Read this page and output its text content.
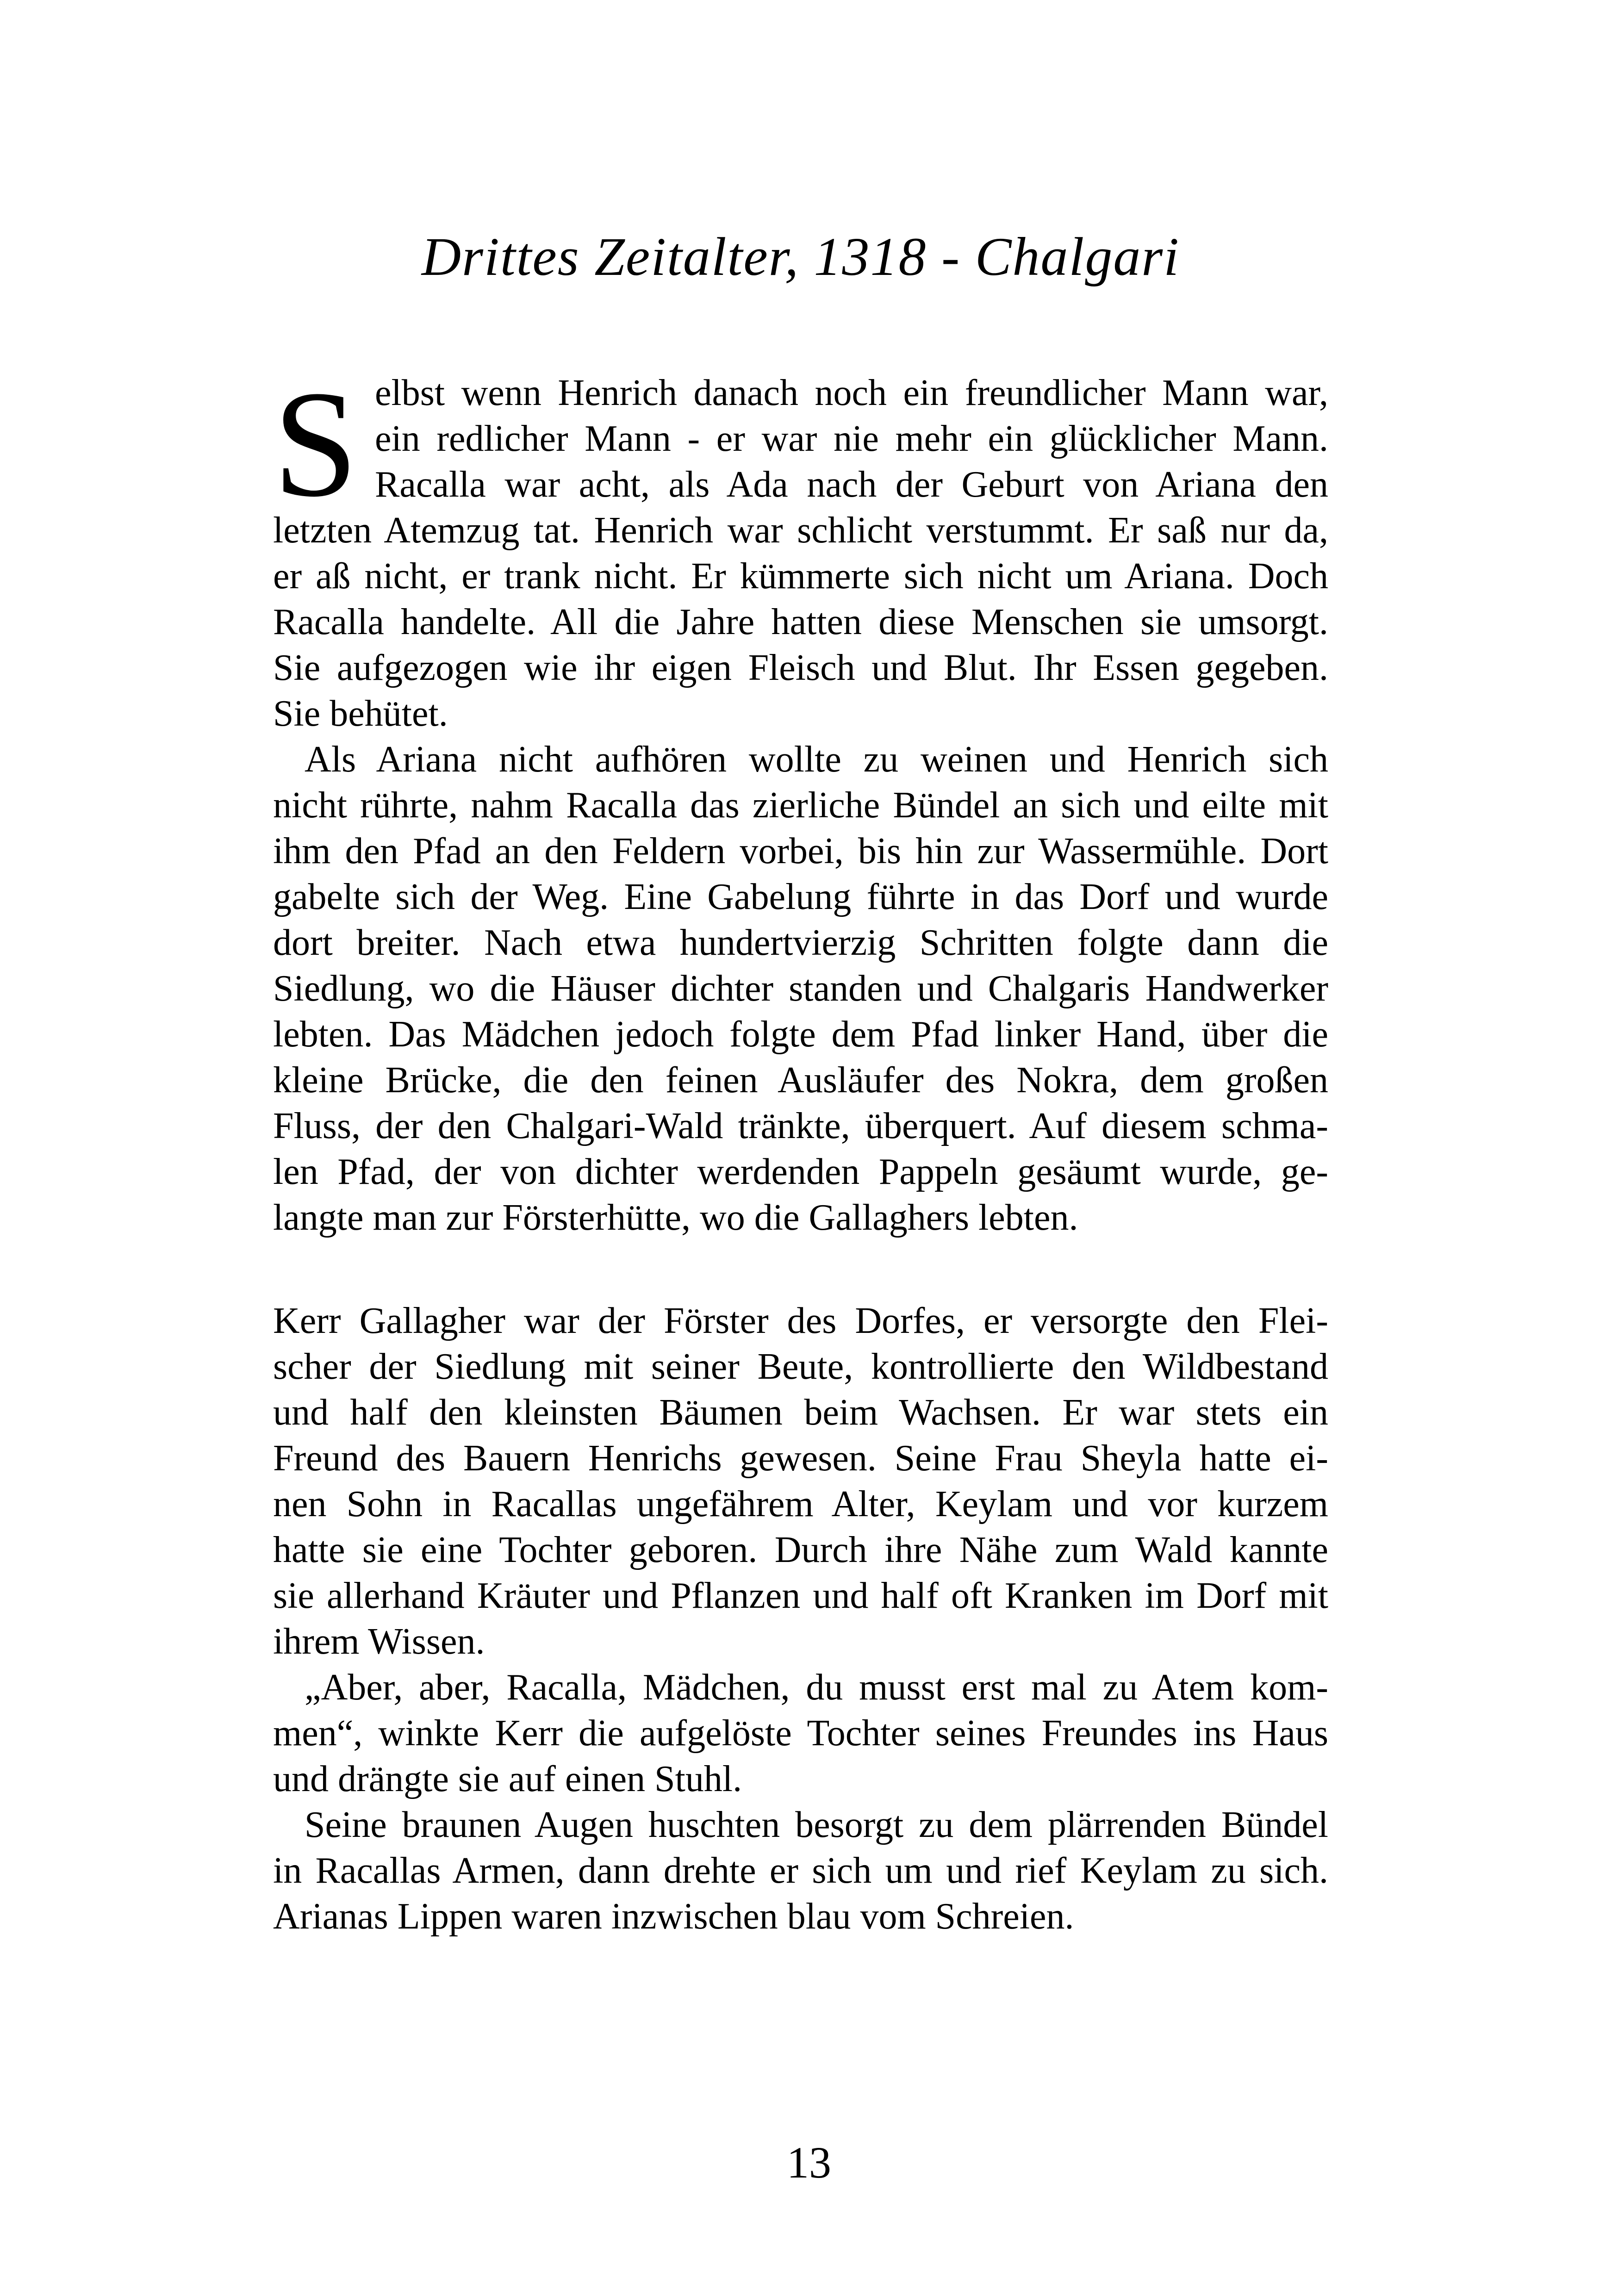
Drittes Zeitalter, 1318 - Chalgari
S elbst wenn Henrich danach noch ein freundlicher Mann war,
ein redlicher Mann - er war nie mehr ein glücklicher Mann.
Racalla war acht, als Ada nach der Geburt von Ariana den
letzten Atemzug tat. Henrich war schlicht verstummt. Er saß nur da,
er aß nicht, er trank nicht. Er kümmerte sich nicht um Ariana. Doch
Racalla handelte. All die Jahre hatten diese Menschen sie umsorgt.
Sie aufgezogen wie ihr eigen Fleisch und Blut. Ihr Essen gegeben.
Sie behütet.
Als Ariana nicht aufhören wollte zu weinen und Henrich sich
nicht rührte, nahm Racalla das zierliche Bündel an sich und eilte mit
ihm den Pfad an den Feldern vorbei, bis hin zur Wassermühle. Dort
gabelte sich der Weg. Eine Gabelung führte in das Dorf und wurde
dort breiter. Nach etwa hundertvierzig Schritten folgte dann die
Siedlung, wo die Häuser dichter standen und Chalgaris Handwerker
lebten. Das Mädchen jedoch folgte dem Pfad linker Hand, über die
kleine Brücke, die den feinen Ausläufer des Nokra, dem großen
Fluss, der den Chalgari-Wald tränkte, überquert. Auf diesem schma-
len Pfad, der von dichter werdenden Pappeln gesäumt wurde, ge-
langte man zur Försterhütte, wo die Gallaghers lebten.
Kerr Gallagher war der Förster des Dorfes, er versorgte den Flei-
scher der Siedlung mit seiner Beute, kontrollierte den Wildbestand
und half den kleinsten Bäumen beim Wachsen. Er war stets ein
Freund des Bauern Henrichs gewesen. Seine Frau Sheyla hatte ei-
nen Sohn in Racallas ungefährem Alter, Keylam und vor kurzem
hatte sie eine Tochter geboren. Durch ihre Nähe zum Wald kannte
sie allerhand Kräuter und Pflanzen und half oft Kranken im Dorf mit
ihrem Wissen.
„Aber, aber, Racalla, Mädchen, du musst erst mal zu Atem kom-
men“, winkte Kerr die aufgelöste Tochter seines Freundes ins Haus
und drängte sie auf einen Stuhl.
Seine braunen Augen huschten besorgt zu dem plärrenden Bündel
in Racallas Armen, dann drehte er sich um und rief Keylam zu sich.
Arianas Lippen waren inzwischen blau vom Schreien.
13
